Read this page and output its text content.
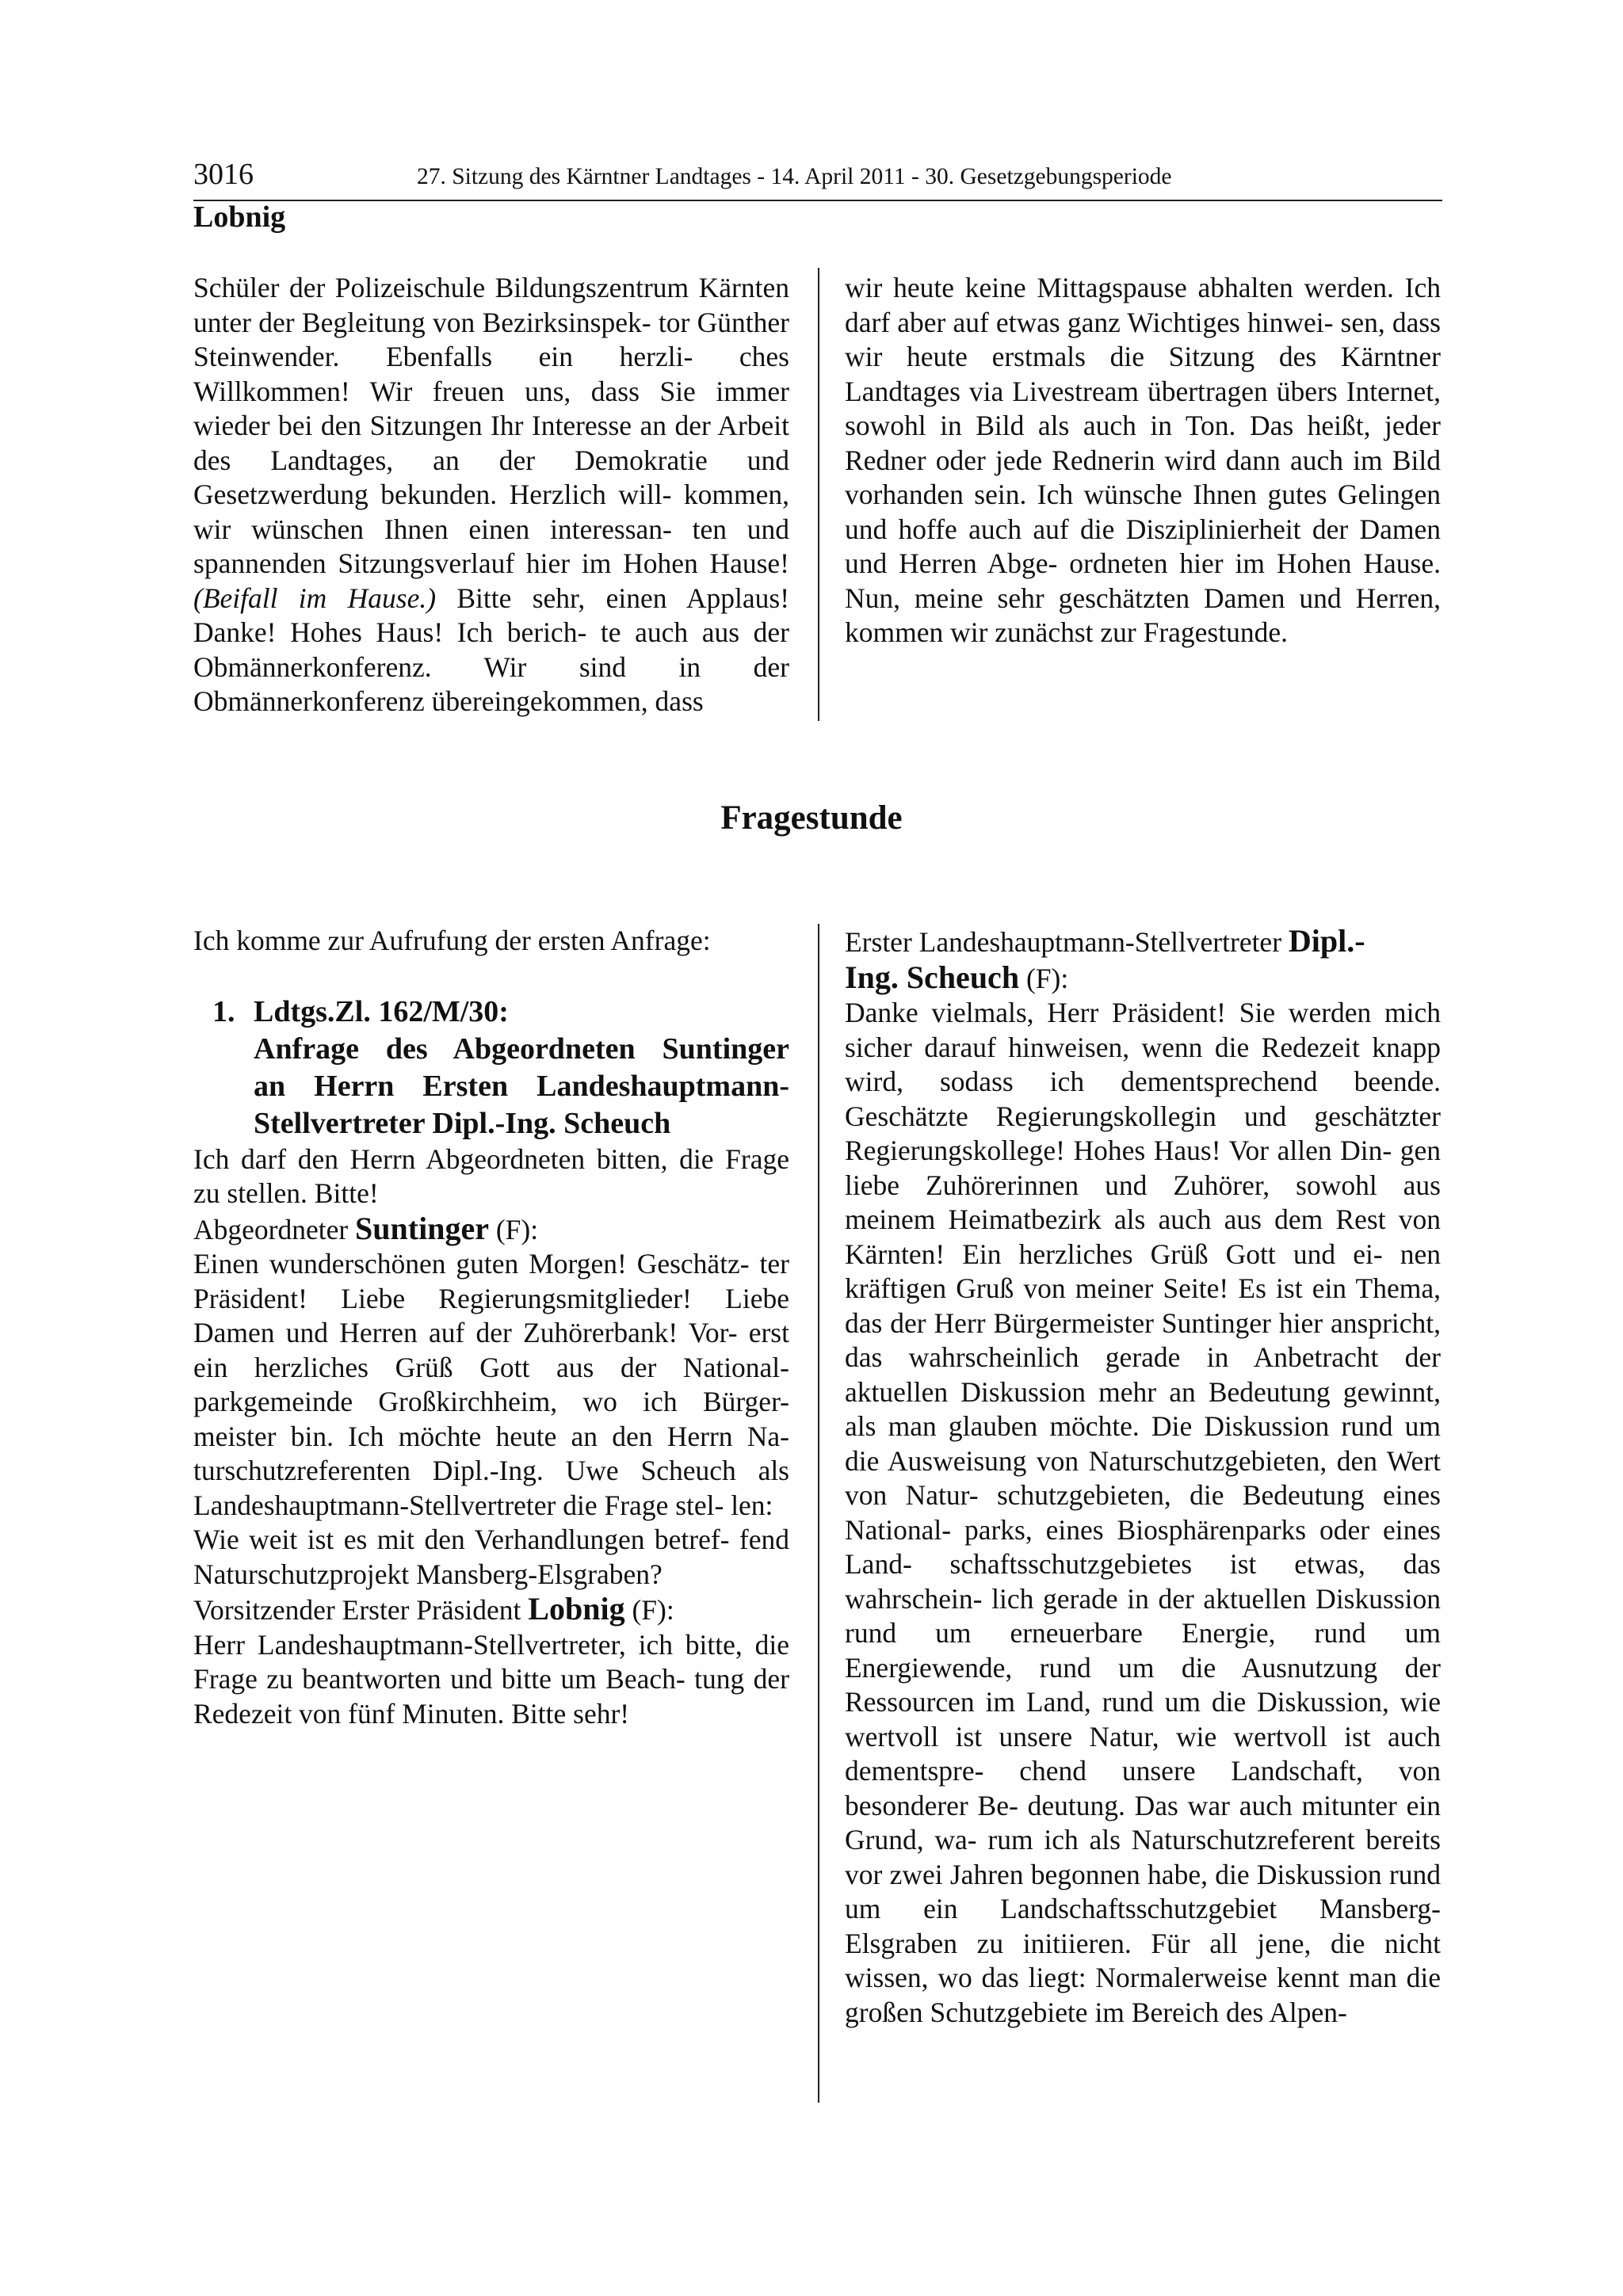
3016	27. Sitzung des Kärntner Landtages - 14. April 2011 - 30. Gesetzgebungsperiode
Lobnig

Schüler der Polizeischule Bildungszentrum Kärnten unter der Begleitung von Bezirksinspek- tor Günther Steinwender. Ebenfalls ein herzli- ches Willkommen! Wir freuen uns, dass Sie immer wieder bei den Sitzungen Ihr Interesse an der Arbeit des Landtages, an der Demokratie und Gesetzwerdung bekunden. Herzlich will- kommen, wir wünschen Ihnen einen interessan- ten und spannenden Sitzungsverlauf hier im Hohen Hause! (Beifall im Hause.) Bitte sehr, einen Applaus! Danke! Hohes Haus! Ich berich- te auch aus der Obmännerkonferenz. Wir sind in der Obmännerkonferenz übereingekommen, dass

wir heute keine Mittagspause abhalten werden. Ich darf aber auf etwas ganz Wichtiges hinwei- sen, dass wir heute erstmals die Sitzung des Kärntner Landtages via Livestream übertragen übers Internet, sowohl in Bild als auch in Ton. Das heißt, jeder Redner oder jede Rednerin wird dann auch im Bild vorhanden sein. Ich wünsche Ihnen gutes Gelingen und hoffe auch auf die Disziplinierheit der Damen und Herren Abge- ordneten hier im Hohen Hause. Nun, meine sehr geschätzten Damen und Herren, kommen wir zunächst zur Fragestunde.

Fragestunde

Ich komme zur Aufrufung der ersten Anfrage:

1. Ldtgs.Zl. 162/M/30:
Anfrage des Abgeordneten Suntinger
an Herrn Ersten Landeshauptmann-
Stellvertreter Dipl.-Ing. Scheuch

Ich darf den Herrn Abgeordneten bitten, die Frage zu stellen. Bitte!

Abgeordneter Suntinger (F):

Einen wunderschönen guten Morgen! Geschätz- ter Präsident! Liebe Regierungsmitglieder! Liebe Damen und Herren auf der Zuhörerbank! Vor- erst ein herzliches Grüß Gott aus der National- parkgemeinde Großkirchheim, wo ich Bürger- meister bin. Ich möchte heute an den Herrn Na- turschutzreferenten Dipl.-Ing. Uwe Scheuch als Landeshauptmann-Stellvertreter die Frage stel- len:

Wie weit ist es mit den Verhandlungen betref- fend Naturschutzprojekt Mansberg-Elsgraben?

Vorsitzender Erster Präsident Lobnig (F):

Herr Landeshauptmann-Stellvertreter, ich bitte, die Frage zu beantworten und bitte um Beach- tung der Redezeit von fünf Minuten. Bitte sehr!

Erster Landeshauptmann-Stellvertreter Dipl.-
Ing. Scheuch (F):

Danke vielmals, Herr Präsident! Sie werden mich sicher darauf hinweisen, wenn die Redezeit knapp wird, sodass ich dementsprechend beende. Geschätzte Regierungskollegin und geschätzter Regierungskollege! Hohes Haus! Vor allen Din- gen liebe Zuhörerinnen und Zuhörer, sowohl aus meinem Heimatbezirk als auch aus dem Rest von Kärnten! Ein herzliches Grüß Gott und ei- nen kräftigen Gruß von meiner Seite! Es ist ein Thema, das der Herr Bürgermeister Suntinger hier anspricht, das wahrscheinlich gerade in Anbetracht der aktuellen Diskussion mehr an Bedeutung gewinnt, als man glauben möchte. Die Diskussion rund um die Ausweisung von Naturschutzgebieten, den Wert von Natur- schutzgebieten, die Bedeutung eines National- parks, eines Biosphärenparks oder eines Land- schaftsschutzgebietes ist etwas, das wahrschein- lich gerade in der aktuellen Diskussion rund um erneuerbare Energie, rund um Energiewende, rund um die Ausnutzung der Ressourcen im Land, rund um die Diskussion, wie wertvoll ist unsere Natur, wie wertvoll ist auch dementspre- chend unsere Landschaft, von besonderer Be- deutung. Das war auch mitunter ein Grund, wa- rum ich als Naturschutzreferent bereits vor zwei Jahren begonnen habe, die Diskussion rund um ein Landschaftsschutzgebiet Mansberg- Elsgraben zu initiieren. Für all jene, die nicht wissen, wo das liegt: Normalerweise kennt man die großen Schutzgebiete im Bereich des Alpen-
